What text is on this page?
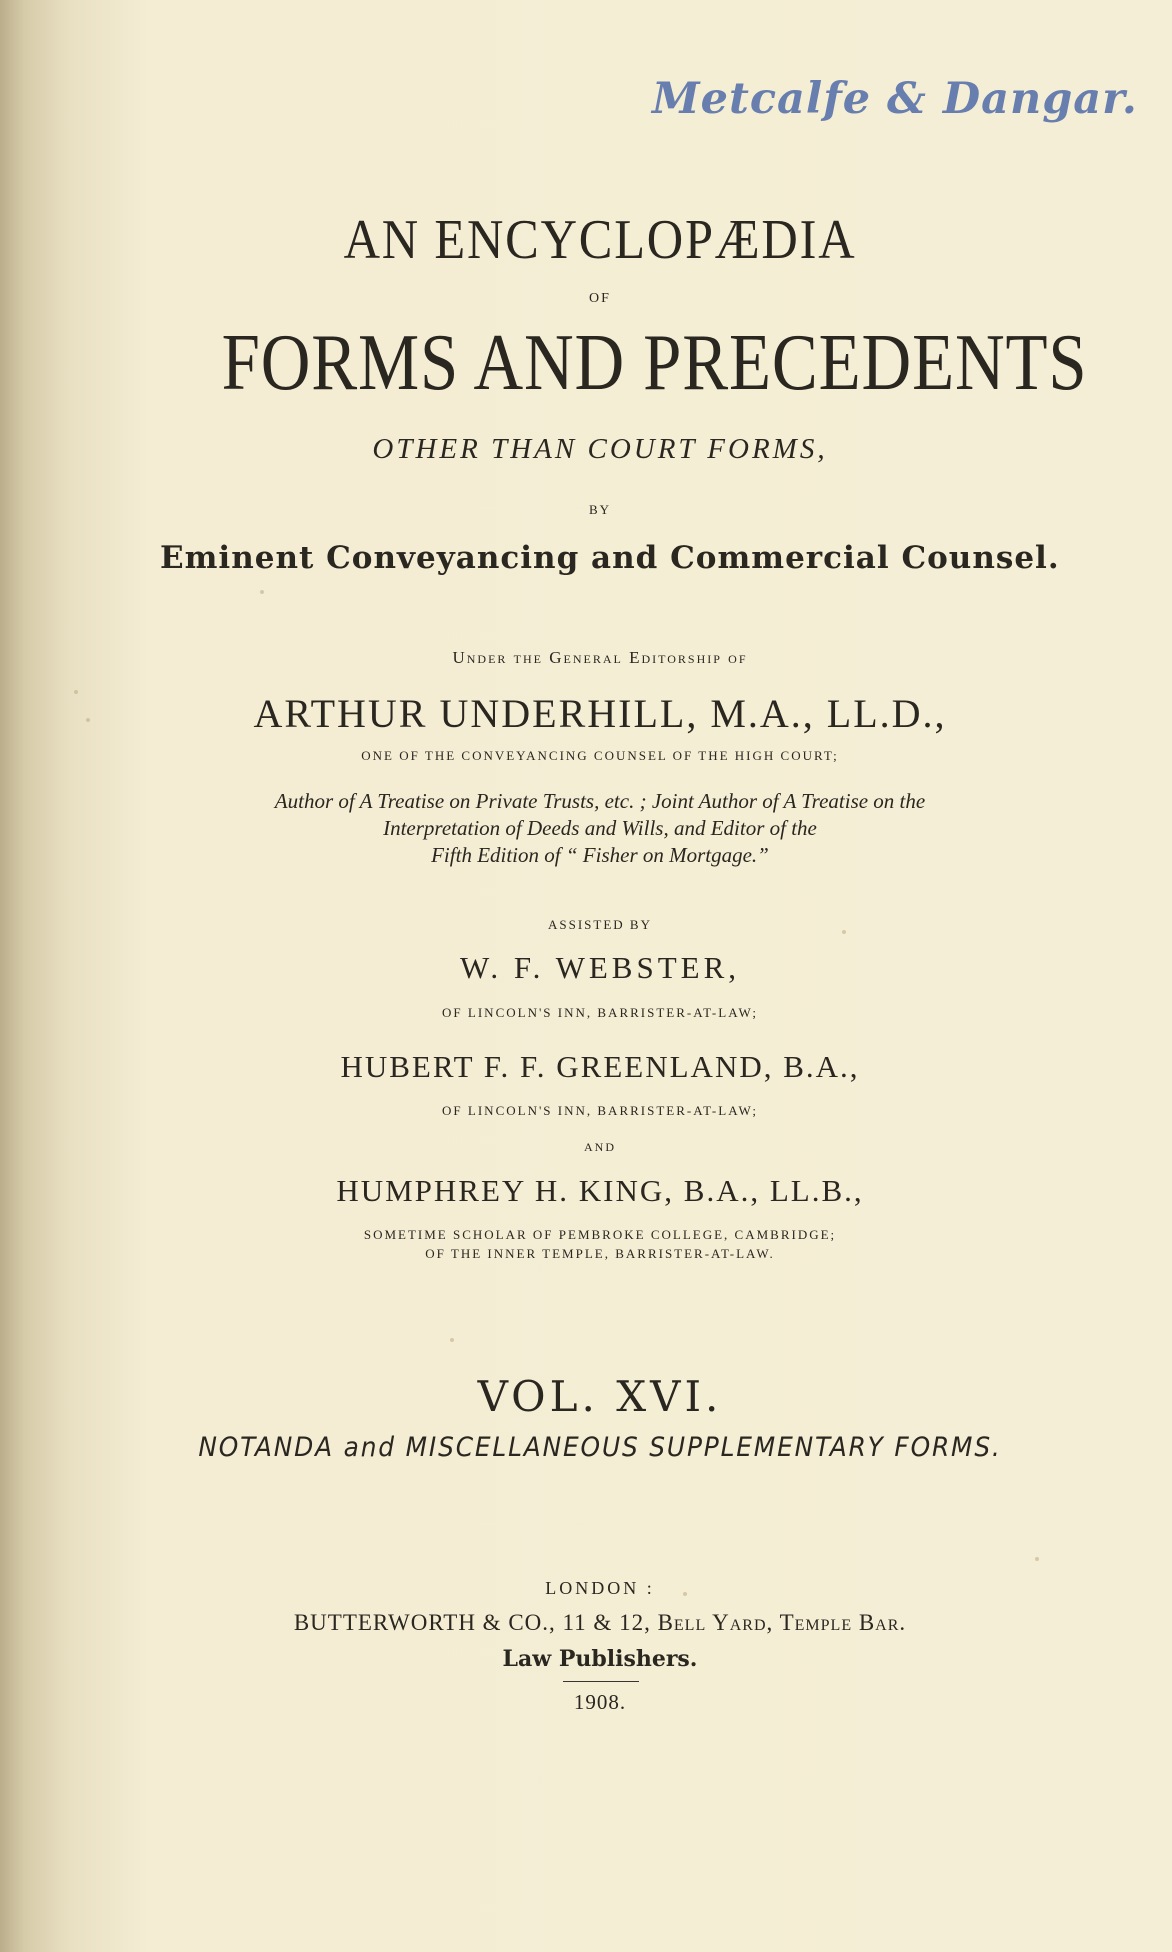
Metcalfe & Dangar.
AN ENCYCLOPÆDIA
OF
FORMS AND PRECEDENTS
OTHER THAN COURT FORMS,
BY
Eminent Conveyancing and Commercial Counsel.
Under the General Editorship of
ARTHUR UNDERHILL, M.A., LL.D.,
ONE OF THE CONVEYANCING COUNSEL OF THE HIGH COURT;
Author of A Treatise on Private Trusts, etc. ; Joint Author of A Treatise on the
Interpretation of Deeds and Wills, and Editor of the
Fifth Edition of “ Fisher on Mortgage.”
ASSISTED BY
W. F. WEBSTER,
OF LINCOLN'S INN, BARRISTER-AT-LAW;
HUBERT F. F. GREENLAND, B.A.,
OF LINCOLN'S INN, BARRISTER-AT-LAW;
AND
HUMPHREY H. KING, B.A., LL.B.,
SOMETIME SCHOLAR OF PEMBROKE COLLEGE, CAMBRIDGE;
OF THE INNER TEMPLE, BARRISTER-AT-LAW.
VOL. XVI.
NOTANDA and MISCELLANEOUS SUPPLEMENTARY FORMS.
LONDON :
BUTTERWORTH & CO., 11 & 12, Bell Yard, Temple Bar.
Law Publishers.
1908.
